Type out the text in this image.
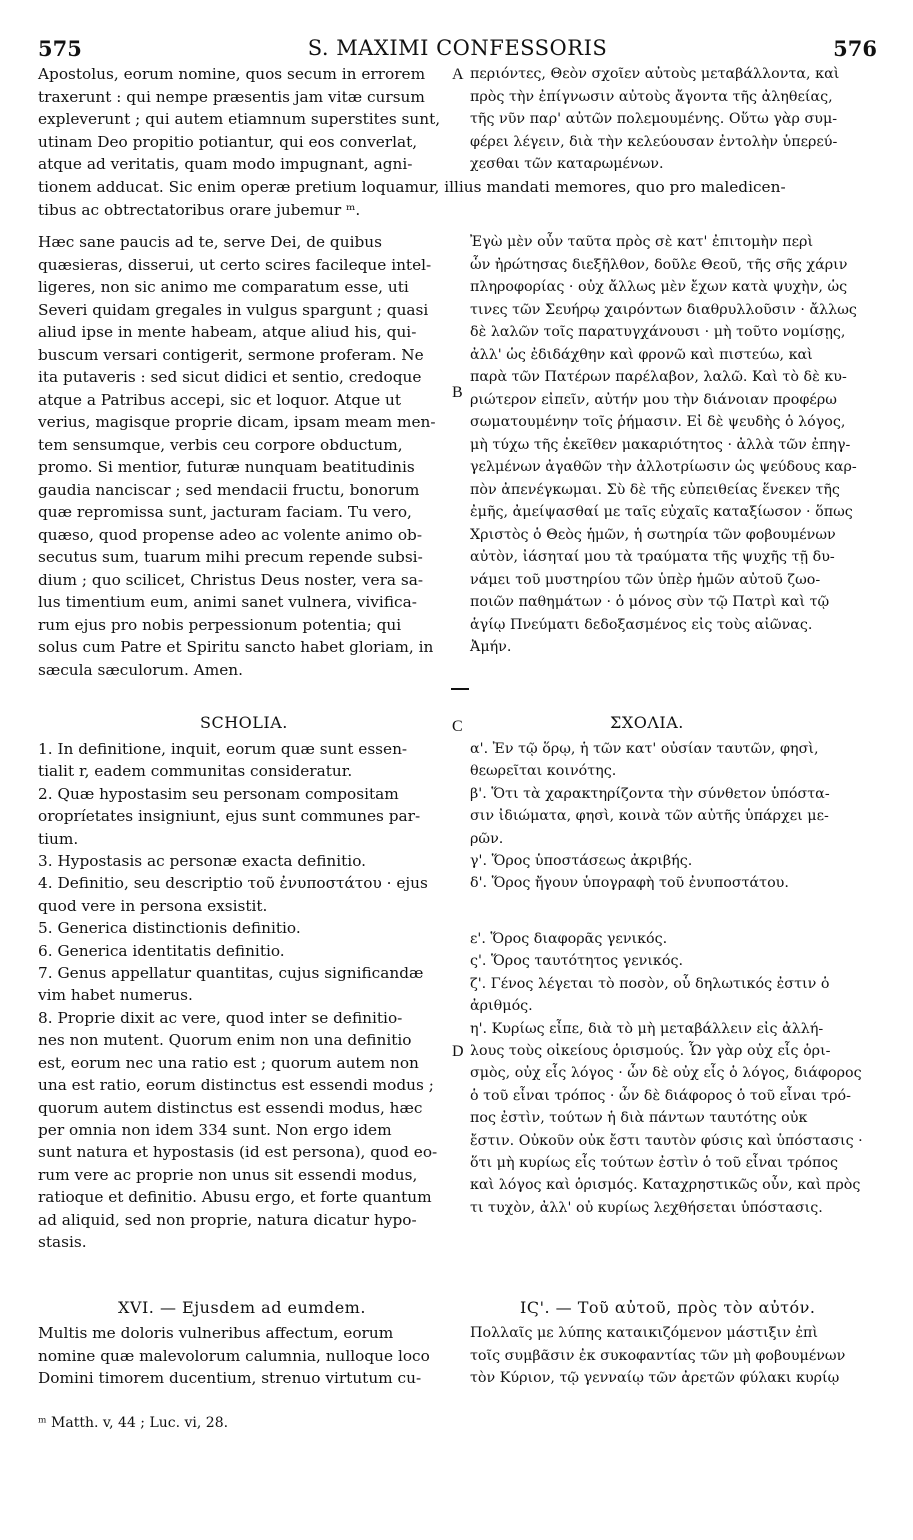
575	S. MAXIMI CONFESSORIS	576
Apostolus, eorum nomine, quos secum in errorem
traxerunt : qui nempe præsentis jam vitæ cursum
expleverunt ; qui autem etiamnum superstites sunt,
utinam Deo propitio potiantur, qui eos converlat,
atque ad veritatis, quam modo impugnant, agni-
A περιόντες, Θεὸν σχοῖεν αὐτοὺς μεταβάλλοντα, καὶ
πρὸς τὴν ἐπίγνωσιν αὐτοὺς ἄγοντα τῆς ἀληθείας,
τῆς νῦν παρ' αὐτῶν πολεμουμένης. Οὕτω γὰρ συμ-
φέρει λέγειν, διὰ τὴν κελεύουσαν ἐντολὴν ὑπερεύ-
χεσθαι τῶν καταρωμένων.
tionem adducat. Sic enim operæ pretium loquamur, illius mandati memores, quo pro maledicen-
tibus ac obtrectatoribus orare jubemur ᵐ.
Hæc sane paucis ad te, serve Dei, de quibus
quæsieras, disserui, ut certo scires facileque intel-
ligeres, non sic animo me comparatum esse, uti
Severi quidam gregales in vulgus spargunt ; quasi
aliud ipse in mente habeam, atque aliud his, qui-
buscum versari contigerit, sermone proferam. Ne
ita putaveris : sed sicut didici et sentio, credoque
atque a Patribus accepi, sic et loquor. Atque ut
verius, magisque proprie dicam, ipsam meam men-
tem sensumque, verbis ceu corpore obductum,
promo. Si mentior, futuræ nunquam beatitudinis
gaudia nanciscar ; sed mendacii fructu, bonorum
quæ repromissa sunt, jacturam faciam. Tu vero,
quæso, quod propense adeo ac volente animo ob-
secutus sum, tuarum mihi precum repende subsi-
dium ; quo scilicet, Christus Deus noster, vera sa-
lus timentium eum, animi sanet vulnera, vivifica-
rum ejus pro nobis perpessionum potentia; qui
solus cum Patre et Spiritu sancto habet gloriam, in
sæcula sæculorum. Amen.
B
Ἐγὼ μὲν οὖν ταῦτα πρὸς σὲ κατ' ἐπιτομὴν περὶ
ὧν ἠρώτησας διεξῆλθον, δοῦλε Θεοῦ, τῆς σῆς χάριν
πληροφορίας · οὐχ ἄλλως μὲν ἔχων κατὰ ψυχὴν, ὡς
τινες τῶν Σευήρῳ χαιρόντων διαθρυλλοῦσιν · ἄλλως
δὲ λαλῶν τοῖς παρατυγχάνουσι · μὴ τοῦτο νομίσῃς,
ἀλλ' ὡς ἐδιδάχθην καὶ φρονῶ καὶ πιστεύω, καὶ
παρὰ τῶν Πατέρων παρέλαβον, λαλῶ. Καὶ τὸ δὲ κυ-
ριώτερον εἰπεῖν, αὐτήν μου τὴν διάνοιαν προφέρω
σωματουμένην τοῖς ῥήμασιν. Εἰ δὲ ψευδὴς ὁ λόγος,
μὴ τύχω τῆς ἐκεῖθεν μακαριότητος · ἀλλὰ τῶν ἐπηγ-
γελμένων ἀγαθῶν τὴν ἀλλοτρίωσιν ὡς ψεύδους καρ-
πὸν ἀπενέγκωμαι. Σὺ δὲ τῆς εὐπειθείας ἕνεκεν τῆς
ἐμῆς, ἀμείψασθαί με ταῖς εὐχαῖς καταξίωσον · ὅπως
Χριστὸς ὁ Θεὸς ἡμῶν, ἡ σωτηρία τῶν φοβουμένων
αὐτὸν, ἰάσηταί μου τὰ τραύματα τῆς ψυχῆς τῇ δυ-
νάμει τοῦ μυστηρίου τῶν ὑπὲρ ἡμῶν αὐτοῦ ζωο-
ποιῶν παθημάτων · ὁ μόνος σὺν τῷ Πατρὶ καὶ τῷ
ἁγίῳ Πνεύματι δεδοξασμένος εἰς τοὺς αἰῶνας.
Ἀμήν.
SCHOLIA.	C	ΣΧΟΛΙΑ.
1. In definitione, inquit, eorum quæ sunt essen-
tialit r, eadem communitas consideratur.
2. Quæ hypostasim seu personam compositam
oropríetates insigniunt, ejus sunt communes par-
tium.
3. Hypostasis ac personæ exacta definitio.
4. Definitio, seu descriptio τοῦ ἐνυποστάτου · ejus
quod vere in persona exsistit.
5. Generica distinctionis definitio.
6. Generica identitatis definitio.
7. Genus appellatur quantitas, cujus significandæ
vim habet numerus.
8. Proprie dixit ac vere, quod inter se definitio-
nes non mutent. Quorum enim non una definitio
est, eorum nec una ratio est ; quorum autem non
una est ratio, eorum distinctus est essendi modus ;
quorum autem distinctus est essendi modus, hæc
per omnia non idem 334 sunt. Non ergo idem
sunt natura et hypostasis (id est persona), quod eo-
rum vere ac proprie non unus sit essendi modus,
ratioque et definitio. Abusu ergo, et forte quantum
ad aliquid, sed non proprie, natura dicatur hypo-
stasis.
α'. Ἐν τῷ ὅρῳ, ἡ τῶν κατ' οὐσίαν ταυτῶν, φησὶ,
θεωρεῖται κοινότης.
β'. Ὅτι τὰ χαρακτηρίζοντα τὴν σύνθετον ὑπόστα-
σιν ἰδιώματα, φησὶ, κοινὰ τῶν αὐτῆς ὑπάρχει με-
ρῶν.
γ'. Ὅρος ὑποστάσεως ἀκριβής.
δ'. Ὅρος ἤγουν ὑπογραφὴ τοῦ ἐνυποστάτου.
ε'. Ὅρος διαφορᾶς γενικός.
ς'. Ὅρος ταυτότητος γενικός.
ζ'. Γένος λέγεται τὸ ποσὸν, οὗ δηλωτικός ἐστιν ὁ
ἀριθμός.
η'. Κυρίως εἶπε, διὰ τὸ μὴ μεταβάλλειν εἰς ἀλλή-
λους τοὺς οἰκείους ὁρισμούς. Ὧν γὰρ οὐχ εἷς ὁρι-
σμὸς, οὐχ εἷς λόγος · ὧν δὲ οὐχ εἷς ὁ λόγος, διάφορος
ὁ τοῦ εἶναι τρόπος · ὧν δὲ διάφορος ὁ τοῦ εἶναι τρό-
πος ἐστὶν, τούτων ἡ διὰ πάντων ταυτότης οὐκ
ἔστιν. Οὐκοῦν οὐκ ἔστι ταυτὸν φύσις καὶ ὑπόστασις ·
ὅτι μὴ κυρίως εἷς τούτων ἐστὶν ὁ τοῦ εἶναι τρόπος
καὶ λόγος καὶ ὁρισμός. Καταχρηστικῶς οὖν, καὶ πρὸς
τι τυχὸν, ἀλλ' οὐ κυρίως λεχθήσεται ὑπόστασις.
D
XVI. — Ejusdem ad eumdem.	ΙϚ'. — Τοῦ αὐτοῦ, πρὸς τὸν αὐτόν.
Multis me doloris vulneribus affectum, eorum
nomine quæ malevolorum calumnia, nulloque loco
Domini timorem ducentium, strenuo virtutum cu-
Πολλαῖς με λύπης καταικιζόμενον μάστιξιν ἐπὶ
τοῖς συμβᾶσιν ἐκ συκοφαντίας τῶν μὴ φοβουμένων
τὸν Κύριον, τῷ γενναίῳ τῶν ἀρετῶν φύλακι κυρίῳ
ᵐ Matth. v, 44 ; Luc. vi, 28.
